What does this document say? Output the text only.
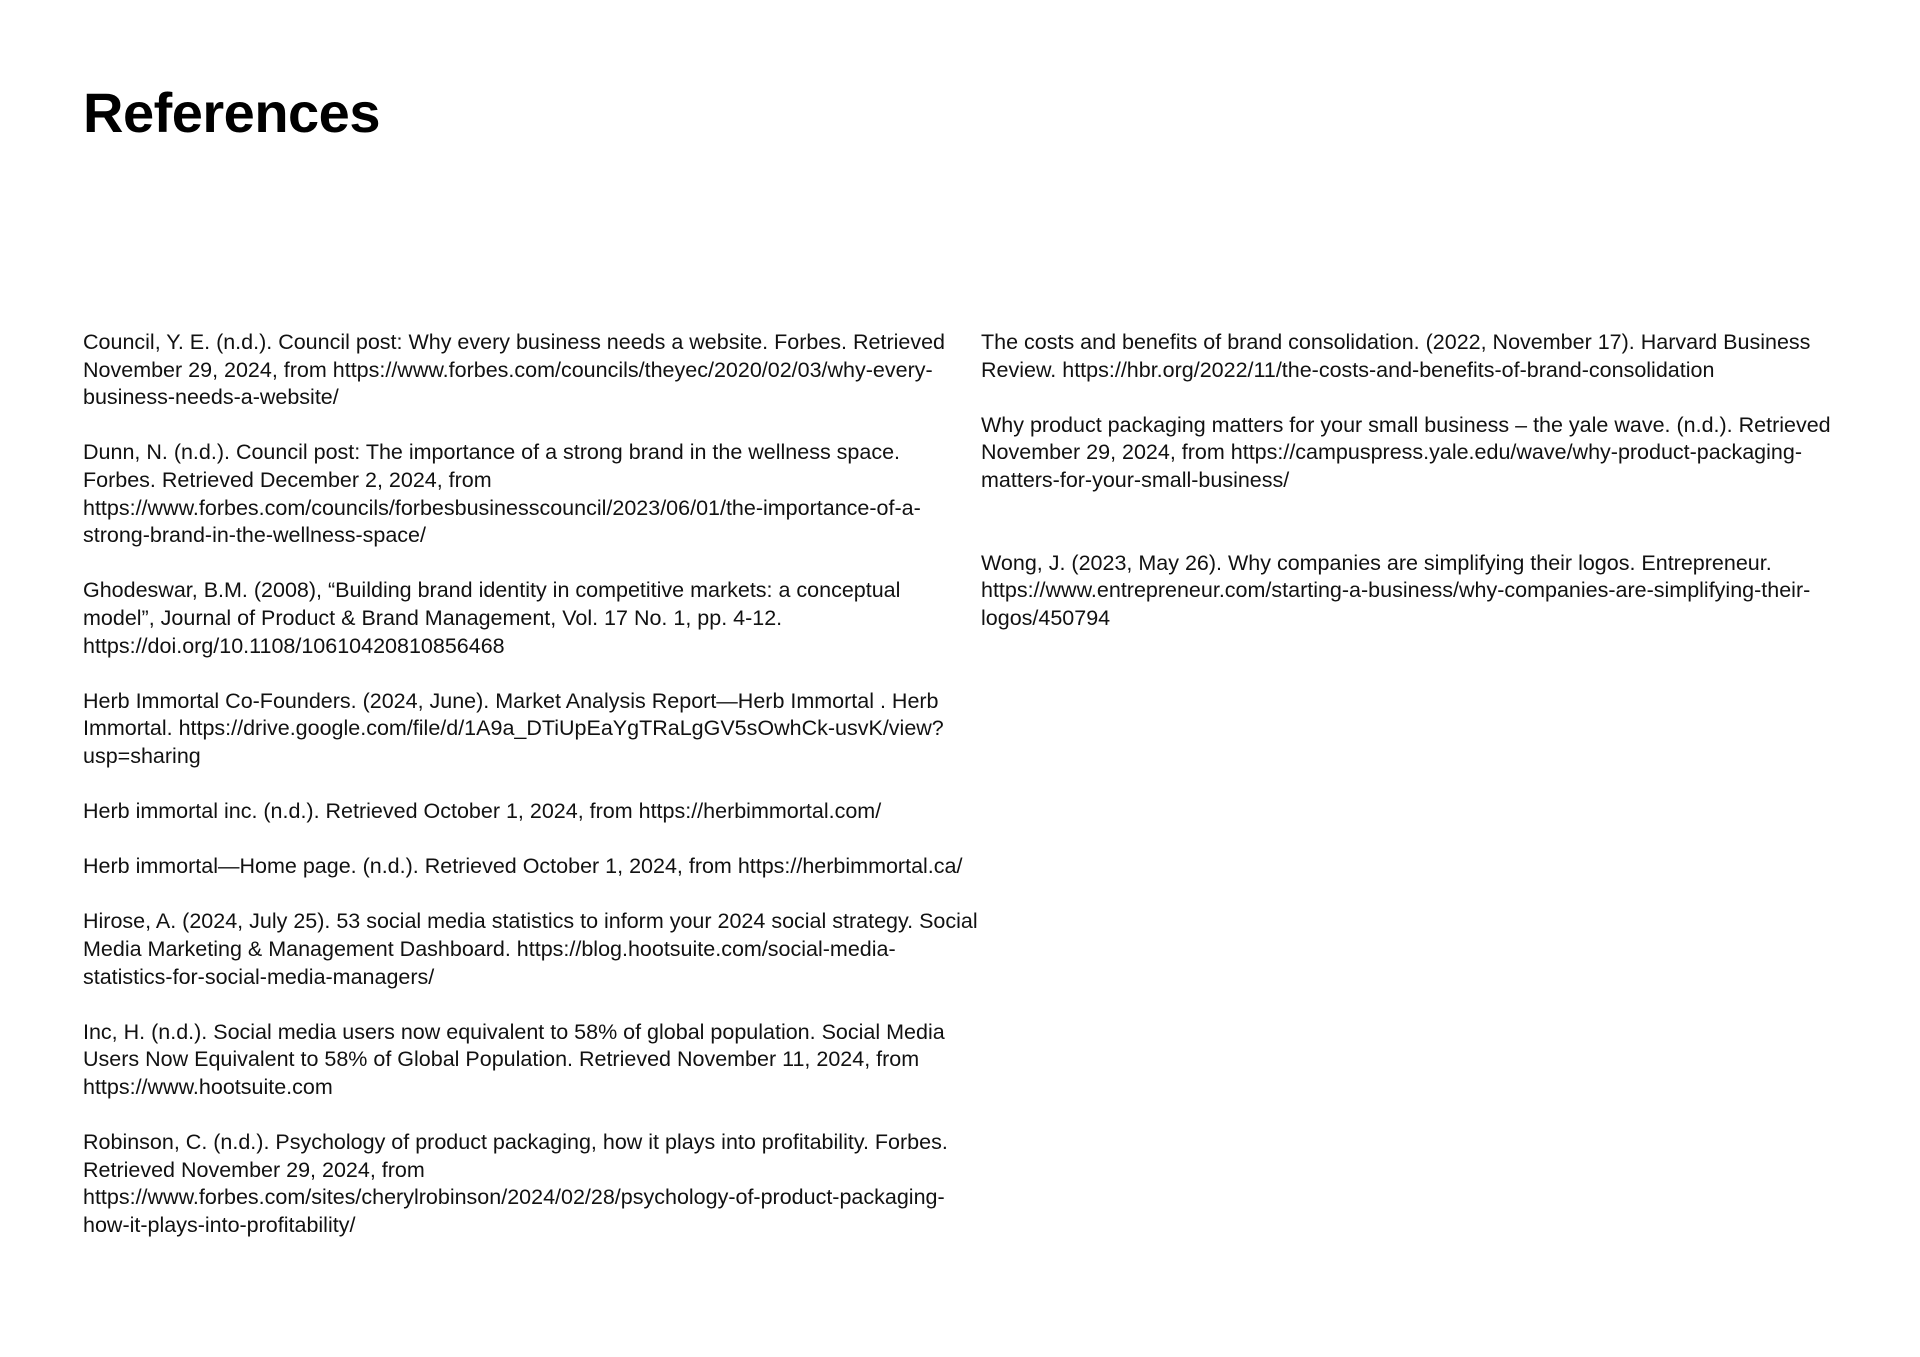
References

Council, Y. E. (n.d.). Council post: Why every business needs a website. Forbes. Retrieved November 29, 2024, from https://www.forbes.com/councils/theyec/2020/02/03/why-every-business-needs-a-website/

Dunn, N. (n.d.). Council post: The importance of a strong brand in the wellness space. Forbes. Retrieved December 2, 2024, from https://www.forbes.com/councils/forbesbusinesscouncil/2023/06/01/the-importance-of-a-strong-brand-in-the-wellness-space/

Ghodeswar, B.M. (2008), “Building brand identity in competitive markets: a conceptual model”, Journal of Product & Brand Management, Vol. 17 No. 1, pp. 4-12. https://doi.org/10.1108/10610420810856468

Herb Immortal Co-Founders. (2024, June). Market Analysis Report—Herb Immortal . Herb Immortal. https://drive.google.com/file/d/1A9a_DTiUpEaYgTRaLgGV5sOwhCk-usvK/view?usp=sharing

Herb immortal inc. (n.d.). Retrieved October 1, 2024, from https://herbimmortal.com/

Herb immortal—Home page. (n.d.). Retrieved October 1, 2024, from https://herbimmortal.ca/

Hirose, A. (2024, July 25). 53 social media statistics to inform your 2024 social strategy. Social Media Marketing & Management Dashboard. https://blog.hootsuite.com/social-media-statistics-for-social-media-managers/

Inc, H. (n.d.). Social media users now equivalent to 58% of global population. Social Media Users Now Equivalent to 58% of Global Population. Retrieved November 11, 2024, from https://www.hootsuite.com

Robinson, C. (n.d.). Psychology of product packaging, how it plays into profitability. Forbes. Retrieved November 29, 2024, from https://www.forbes.com/sites/cherylrobinson/2024/02/28/psychology-of-product-packaging-how-it-plays-into-profitability/

The costs and benefits of brand consolidation. (2022, November 17). Harvard Business Review. https://hbr.org/2022/11/the-costs-and-benefits-of-brand-consolidation

Why product packaging matters for your small business – the yale wave. (n.d.). Retrieved November 29, 2024, from https://campuspress.yale.edu/wave/why-product-packaging-matters-for-your-small-business/

Wong, J. (2023, May 26). Why companies are simplifying their logos. Entrepreneur. https://www.entrepreneur.com/starting-a-business/why-companies-are-simplifying-their-logos/450794
